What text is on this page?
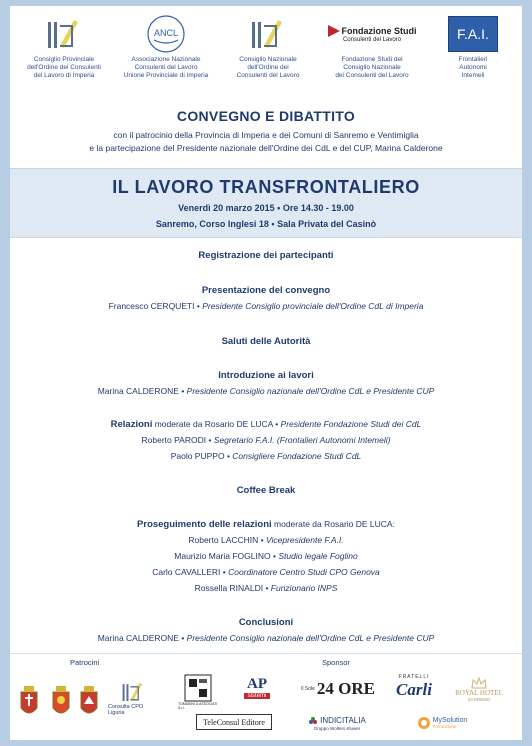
Consiglio Provinciale
dell'Ordine dei Consulenti
del Lavoro di Imperia
ANCL
Associazione Nazionale
Consulenti del Lavoro
Unione Provinciale di Imperia
Consiglio Nazionale
dell'Ordine dei
Consulenti del Lavoro
Fondazione Studi
Consulenti del Lavoro
Fondazione Studi del
Consiglio Nazionale
dei Consulenti del Lavoro
F.A.I.
Frontalieri
Autonomi
Intemeli
CONVEGNO E DIBATTITO
con il patrocinio della Provincia di Imperia e dei Comuni di Sanremo e Ventimiglia
e la partecipazione del Presidente nazionale dell'Ordine dei CdL e del CUP, Marina Calderone
IL LAVORO TRANSFRONTALIERO
Venerdì 20 marzo 2015 • Ore 14.30 - 19.00
Sanremo, Corso Inglesi 18 • Sala Privata del Casinò
Registrazione dei partecipanti
Presentazione del convegno
Francesco CERQUETI • Presidente Consiglio provinciale dell'Ordine CdL di Imperia
Saluti delle Autorità
Introduzione ai lavori
Marina CALDERONE • Presidente Consiglio nazionale dell'Ordine CdL e Presidente CUP
Relazioni moderate da Rosario DE LUCA • Presidente Fondazione Studi dei CdL
Roberto PARODI • Segretario F.A.I. (Frontalieri Autonomi Intemeli)
Paolo PUPPO • Consigliere Fondazione Studi CdL
Coffee Break
Proseguimento delle relazioni moderate da Rosario DE LUCA:
Roberto LACCHIN • Vicepresidente F.A.I.
Maurizio Maria FOGLINO • Studio legale Foglino
Carlo CAVALLERI • Coordinatore Centro Studi CPO Genova
Rossella RINALDI • Funzionario INPS
Conclusioni
Marina CALDERONE • Presidente Consiglio nazionale dell'Ordine CdL e Presidente CUP
Patrocini	Sponsor
Consulta CPO Liguria
TOMASINI & ASSOCIATI S.r.l.
AP
sistemi
Il Sole 24 ORE
FRATELLI
Carli	ROYAL HOTEL
SANREMO
TeleConsul Editore	INDICITALIA
Gruppo Wolters Kluwer
MySolution
Formazione
